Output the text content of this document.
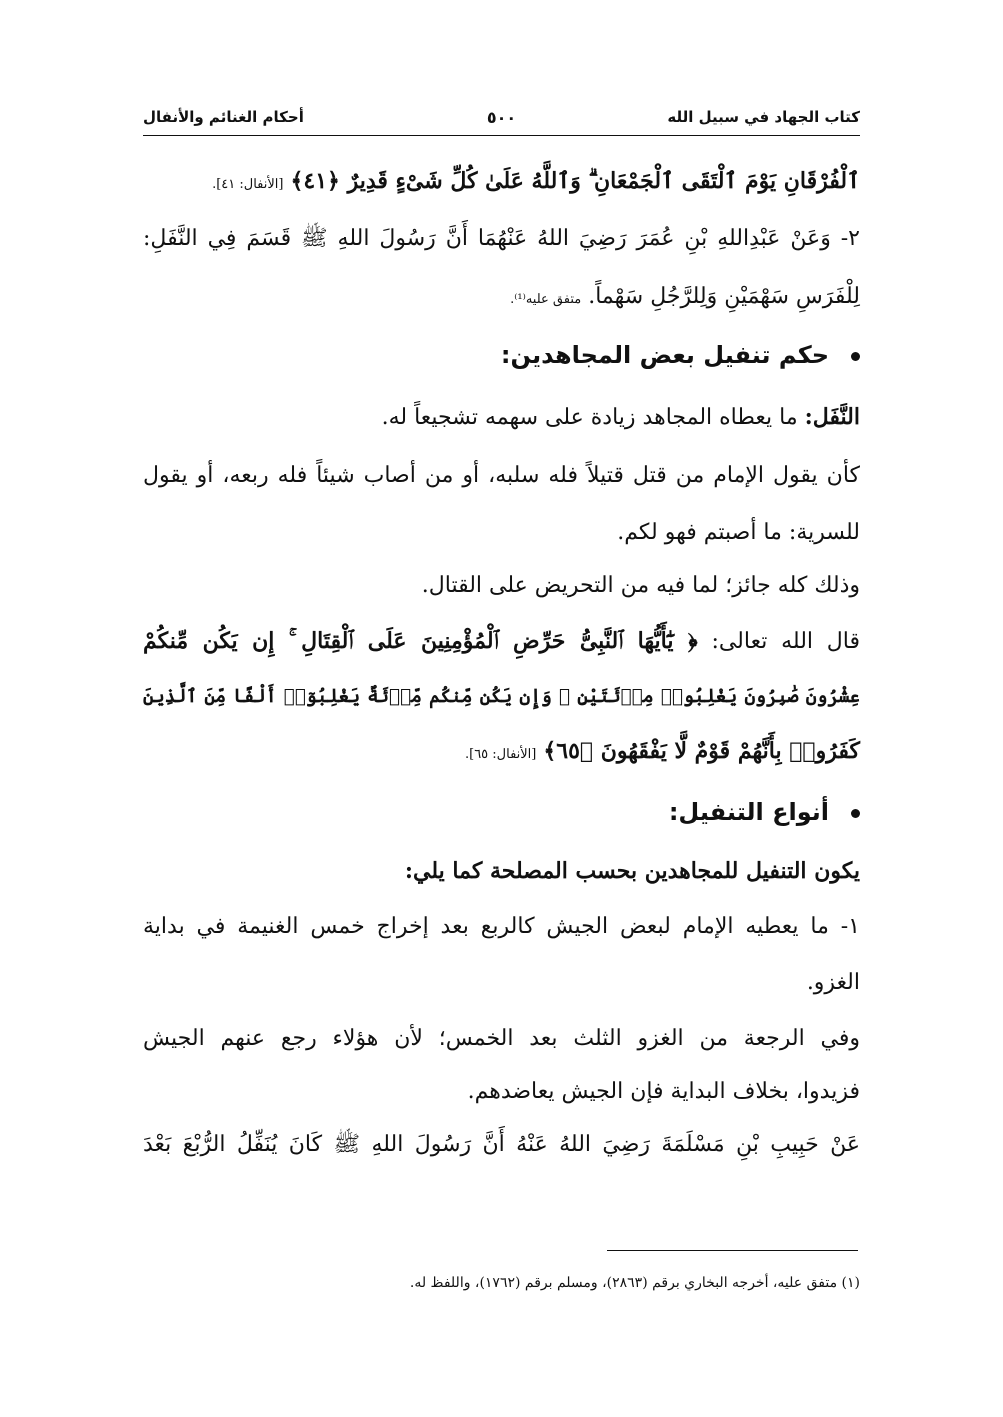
كتاب الجهاد في سبيل الله
٥٠٠
أحكام الغنائم والأنفال
ٱلْفُرْقَانِ يَوْمَ ٱلْتَقَى ٱلْجَمْعَانِ ۗ وَٱللَّهُ عَلَىٰ كُلِّ شَىْءٍ قَدِيرٌ ﴿٤١﴾ [الأنفال: ٤١].
٢- وَعَنْ عَبْدِاللهِ بْنِ عُمَرَ رَضِيَ اللهُ عَنْهُمَا أَنَّ رَسُولَ اللهِ ﷺ قَسَمَ فِي النَّفَلِ:
لِلْفَرَسِ سَهْمَيْنِ وَلِلرَّجُلِ سَهْماً. متفق عليه⁽¹⁾.
حكم تنفيل بعض المجاهدين:
النَّفَل: ما يعطاه المجاهد زيادة على سهمه تشجيعاً له.
كأن يقول الإمام من قتل قتيلاً فله سلبه، أو من أصاب شيئاً فله ربعه، أو يقول
للسرية: ما أصبتم فهو لكم.
وذلك كله جائز؛ لما فيه من التحريض على القتال.
قال الله تعالى: ﴿ يَٰٓأَيُّهَا ٱلنَّبِىُّ حَرِّضِ ٱلْمُؤْمِنِينَ عَلَى ٱلْقِتَالِ ۚ إِن يَكُن مِّنكُمْ
عِشْرُونَ صَٰبِرُونَ يَغْلِبُوا۟ مِا۟ئَتَيْنِ ۚ وَإِن يَكُن مِّنكُم مِّا۟ئَةٌ يَغْلِبُوٓا۟ أَلْفًا مِّنَ ٱلَّذِينَ
كَفَرُوا۟ بِأَنَّهُمْ قَوْمٌ لَّا يَفْقَهُونَ ﴿٦٥﴾ [الأنفال: ٦٥].
أنواع التنفيل:
يكون التنفيل للمجاهدين بحسب المصلحة كما يلي:
١- ما يعطيه الإمام لبعض الجيش كالربع بعد إخراج خمس الغنيمة في بداية
الغزو.
وفي الرجعة من الغزو الثلث بعد الخمس؛ لأن هؤلاء رجع عنهم الجيش
فزيدوا، بخلاف البداية فإن الجيش يعاضدهم.
عَنْ حَبِيبِ بْنِ مَسْلَمَةَ رَضِيَ اللهُ عَنْهُ أَنَّ رَسُولَ اللهِ ﷺ كَانَ يُنَفِّلُ الرُّبْعَ بَعْدَ
(١) متفق عليه، أخرجه البخاري برقم (٢٨٦٣)، ومسلم برقم (١٧٦٢)، واللفظ له.
